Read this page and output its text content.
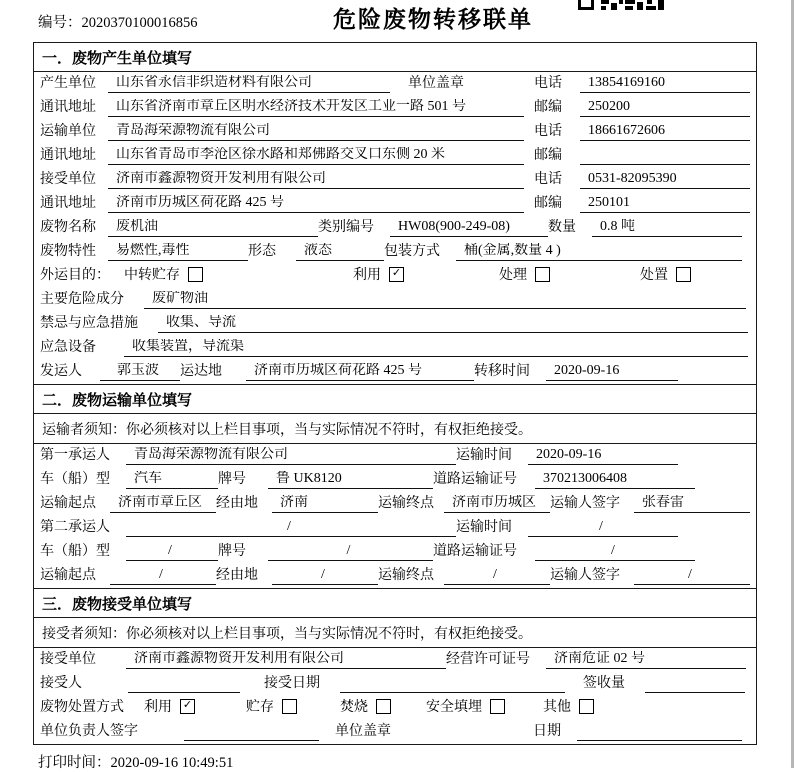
编号：2020370100016856	危险废物转移联单
一．废物产生单位填写
产生单位	山东省永信非织造材料有限公司	单位盖章	电话	13854169160
通讯地址	山东省济南市章丘区明水经济技术开发区工业一路 501 号	邮编	250200
运输单位	青岛海荣源物流有限公司	电话	18661672606
通讯地址	山东省青岛市李沧区徐水路和郑佛路交叉口东侧 20 米	邮编
接受单位	济南市鑫源物资开发利用有限公司	电话	0531-82095390
通讯地址	济南市历城区荷花路 425 号	邮编	250101
废物名称	废机油	类别编号	HW08(900-249-08)	数量	0.8 吨
废物特性	易燃性,毒性	形态	液态	包装方式	桶(金属,数量 4 )
外运目的：	中转贮存	利用 ✓	处理	处置
主要危险成分	废矿物油
禁忌与应急措施	收集、导流
应急设备	收集装置，导流渠
发运人	郭玉波	运达地	济南市历城区荷花路 425 号	转移时间	2020-09-16
二．废物运输单位填写
运输者须知：你必须核对以上栏目事项，当与实际情况不符时，有权拒绝接受。
第一承运人	青岛海荣源物流有限公司	运输时间	2020-09-16
车（船）型	汽车	牌号	鲁 UK8120	道路运输证号	370213006408
运输起点	济南市章丘区	经由地	济南	运输终点	济南市历城区	运输人签字	张春雷
第二承运人	/	运输时间	/
车（船）型	/	牌号	/	道路运输证号	/
运输起点	/	经由地	/	运输终点	/	运输人签字	/
三．废物接受单位填写
接受者须知：你必须核对以上栏目事项，当与实际情况不符时，有权拒绝接受。
接受单位	济南市鑫源物资开发利用有限公司	经营许可证号	济南危证 02 号
接受人	接受日期	签收量
废物处置方式	利用 ✓	贮存	焚烧	安全填埋	其他
单位负责人签字	单位盖章	日期
打印时间：2020-09-16 10:49:51
